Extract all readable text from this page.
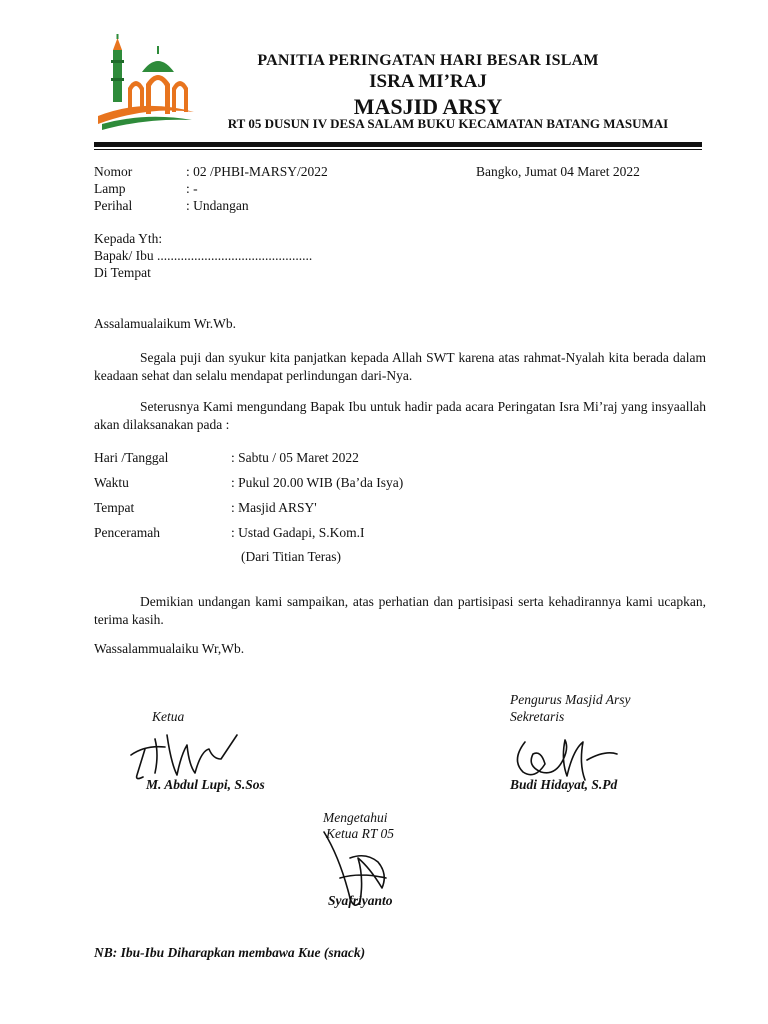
PANITIA PERINGATAN HARI BESAR ISLAM
ISRA MI’RAJ
MASJID ARSY
RT 05 DUSUN IV DESA SALAM BUKU KECAMATAN BATANG MASUMAI
Nomor	: 02 /PHBI-MARSY/2022	Bangko, Jumat 04 Maret 2022
Lamp	: -
Perihal	: Undangan
Kepada Yth:
Bapak/ Ibu ..............................................
Di Tempat
Assalamualaikum Wr.Wb.
Segala puji dan syukur kita panjatkan kepada Allah SWT karena atas rahmat-Nyalah kita berada dalam keadaan sehat dan selalu mendapat perlindungan dari-Nya.
Seterusnya Kami mengundang Bapak Ibu untuk hadir pada acara Peringatan Isra Mi’raj yang insyaallah akan dilaksanakan pada :
Hari /Tanggal	: Sabtu / 05 Maret 2022
Waktu	: Pukul 20.00 WIB (Ba’da Isya)
Tempat	: Masjid ARSY'
Penceramah	: Ustad Gadapi, S.Kom.I
(Dari Titian Teras)
Demikian undangan kami sampaikan, atas perhatian dan partisipasi serta kehadirannya kami ucapkan, terima kasih.
Wassalammualaiku Wr,Wb.
Pengurus Masjid Arsy
Sekretaris
Ketua
M. Abdul Lupi, S.Sos	Budi Hidayat, S.Pd
Mengetahui
Ketua RT 05
Syafriyanto
NB: Ibu-Ibu Diharapkan membawa Kue (snack)
